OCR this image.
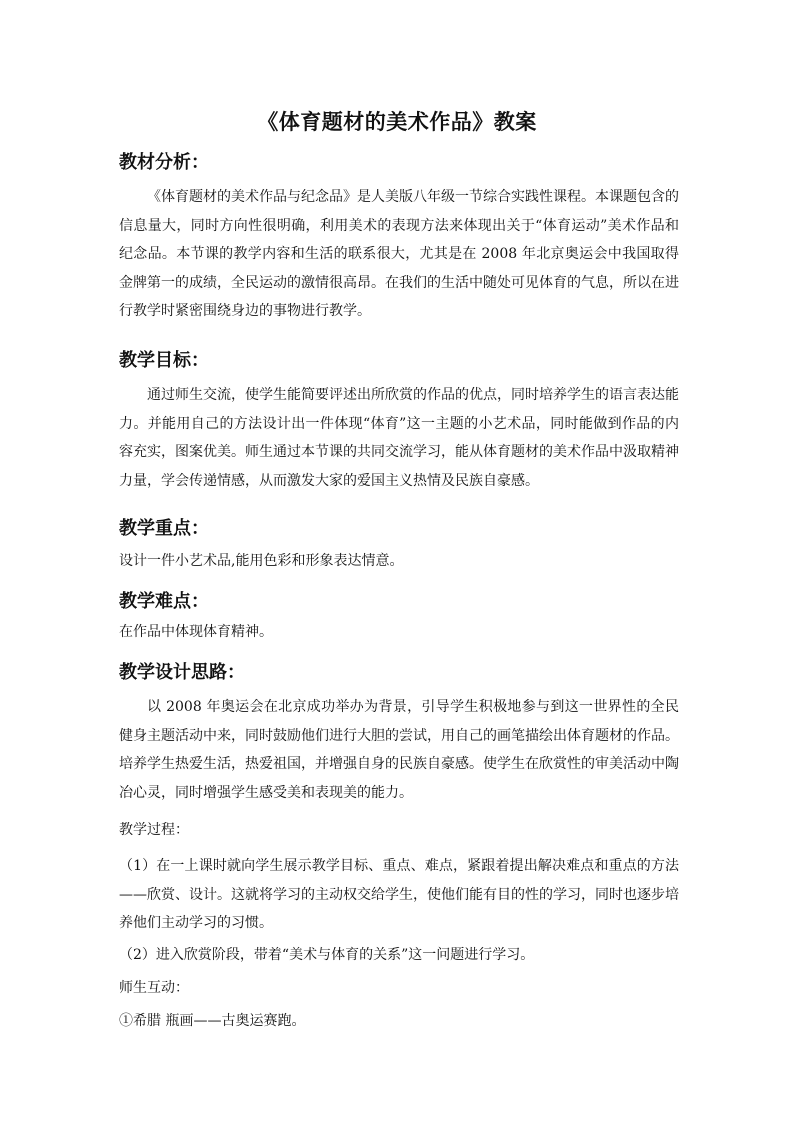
《体育题材的美术作品》教案
教材分析：
《体育题材的美术作品与纪念品》是人美版八年级一节综合实践性课程。本课题包含的信息量大，同时方向性很明确，利用美术的表现方法来体现出关于“体育运动”美术作品和纪念品。本节课的教学内容和生活的联系很大，尤其是在 2008 年北京奥运会中我国取得金牌第一的成绩，全民运动的激情很高昂。在我们的生活中随处可见体育的气息，所以在进行教学时紧密围绕身边的事物进行教学。
教学目标：
通过师生交流，使学生能简要评述出所欣赏的作品的优点，同时培养学生的语言表达能力。并能用自己的方法设计出一件体现“体育”这一主题的小艺术品，同时能做到作品的内容充实，图案优美。师生通过本节课的共同交流学习，能从体育题材的美术作品中汲取精神力量，学会传递情感，从而激发大家的爱国主义热情及民族自豪感。
教学重点：
设计一件小艺术品,能用色彩和形象表达情意。
教学难点：
在作品中体现体育精神。
教学设计思路：
以 2008 年奥运会在北京成功举办为背景，引导学生积极地参与到这一世界性的全民健身主题活动中来，同时鼓励他们进行大胆的尝试，用自己的画笔描绘出体育题材的作品。培养学生热爱生活，热爱祖国，并增强自身的民族自豪感。使学生在欣赏性的审美活动中陶冶心灵，同时增强学生感受美和表现美的能力。
教学过程：
（1）在一上课时就向学生展示教学目标、重点、难点，紧跟着提出解决难点和重点的方法——欣赏、设计。这就将学习的主动权交给学生，使他们能有目的性的学习，同时也逐步培养他们主动学习的习惯。
（2）进入欣赏阶段，带着“美术与体育的关系”这一问题进行学习。
师生互动：
①希腊 瓶画——古奥运赛跑。
